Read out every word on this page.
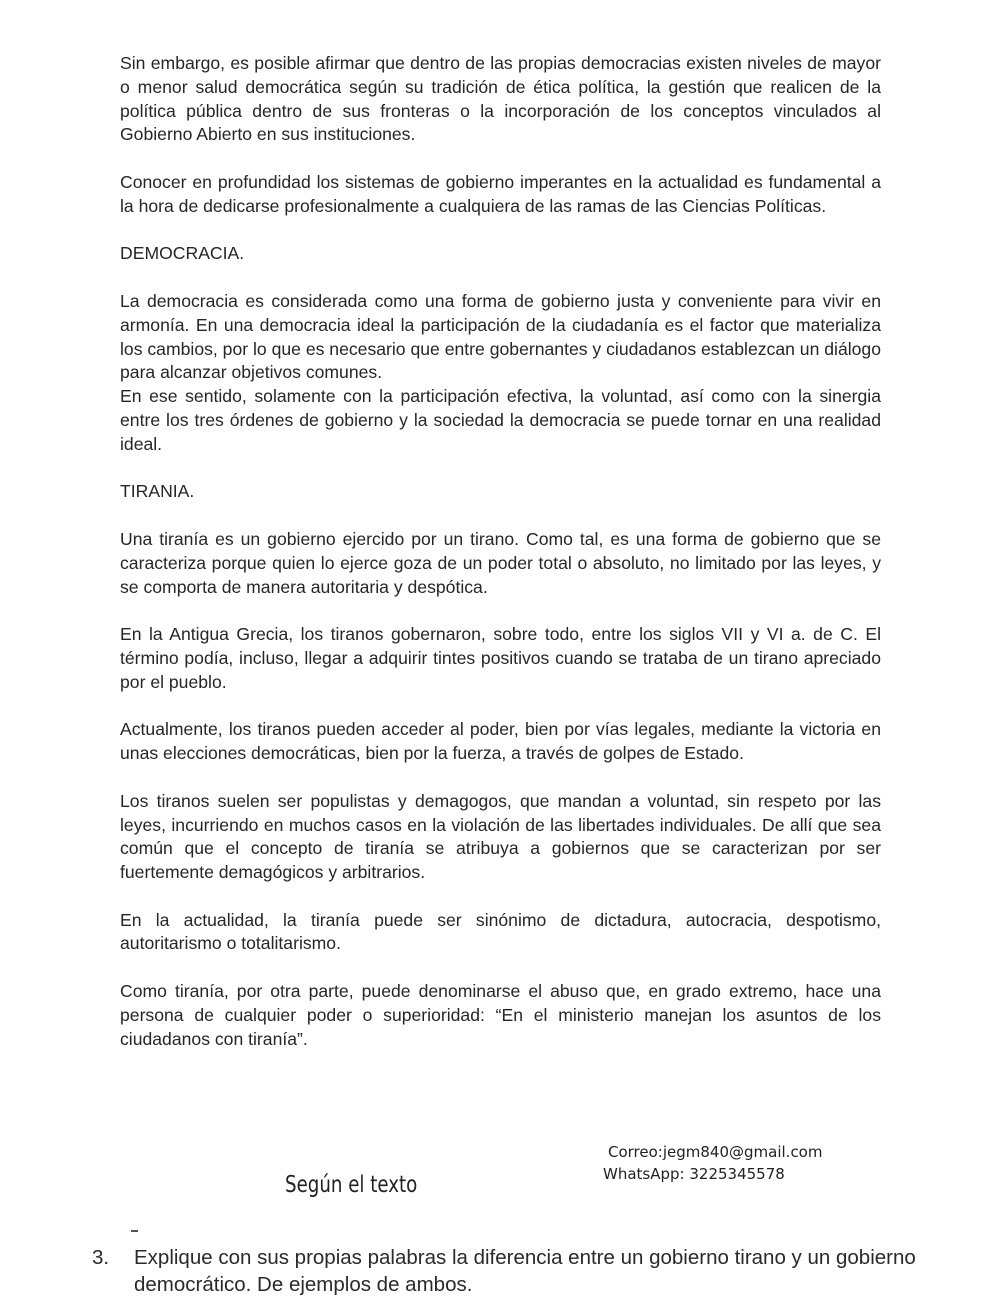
Sin embargo, es posible afirmar que dentro de las propias democracias existen niveles de mayor o menor salud democrática según su tradición de ética política, la gestión que realicen de la política pública dentro de sus fronteras o la incorporación de los conceptos vinculados al Gobierno Abierto en sus instituciones.

Conocer en profundidad los sistemas de gobierno imperantes en la actualidad es fundamental a la hora de dedicarse profesionalmente a cualquiera de las ramas de las Ciencias Políticas.

DEMOCRACIA.

La democracia es considerada como una forma de gobierno justa y conveniente para vivir en armonía. En una democracia ideal la participación de la ciudadanía es el factor que materializa los cambios, por lo que es necesario que entre gobernantes y ciudadanos establezcan un diálogo para alcanzar objetivos comunes.

En ese sentido, solamente con la participación efectiva, la voluntad, así como con la sinergia entre los tres órdenes de gobierno y la sociedad la democracia se puede tornar en una realidad ideal.

TIRANIA.

Una tiranía es un gobierno ejercido por un tirano. Como tal, es una forma de gobierno que se caracteriza porque quien lo ejerce goza de un poder total o absoluto, no limitado por las leyes, y se comporta de manera autoritaria y despótica.

En la Antigua Grecia, los tiranos gobernaron, sobre todo, entre los siglos VII y VI a. de C. El término podía, incluso, llegar a adquirir tintes positivos cuando se trataba de un tirano apreciado por el pueblo.

Actualmente, los tiranos pueden acceder al poder, bien por vías legales, mediante la victoria en unas elecciones democráticas, bien por la fuerza, a través de golpes de Estado.

Los tiranos suelen ser populistas y demagogos, que mandan a voluntad, sin respeto por las leyes, incurriendo en muchos casos en la violación de las libertades individuales. De allí que sea común que el concepto de tiranía se atribuya a gobiernos que se caracterizan por ser fuertemente demagógicos y arbitrarios.

En la actualidad, la tiranía puede ser sinónimo de dictadura, autocracia, despotismo, autoritarismo o totalitarismo.

Como tiranía, por otra parte, puede denominarse el abuso que, en grado extremo, hace una persona de cualquier poder o superioridad: “En el ministerio manejan los asuntos de los ciudadanos con tiranía”.

Correo:jegm840@gmail.com
WhatsApp: 3225345578
Según el texto
3. Explique con sus propias palabras la diferencia entre un gobierno tirano y un gobierno democrático. De ejemplos de ambos.
